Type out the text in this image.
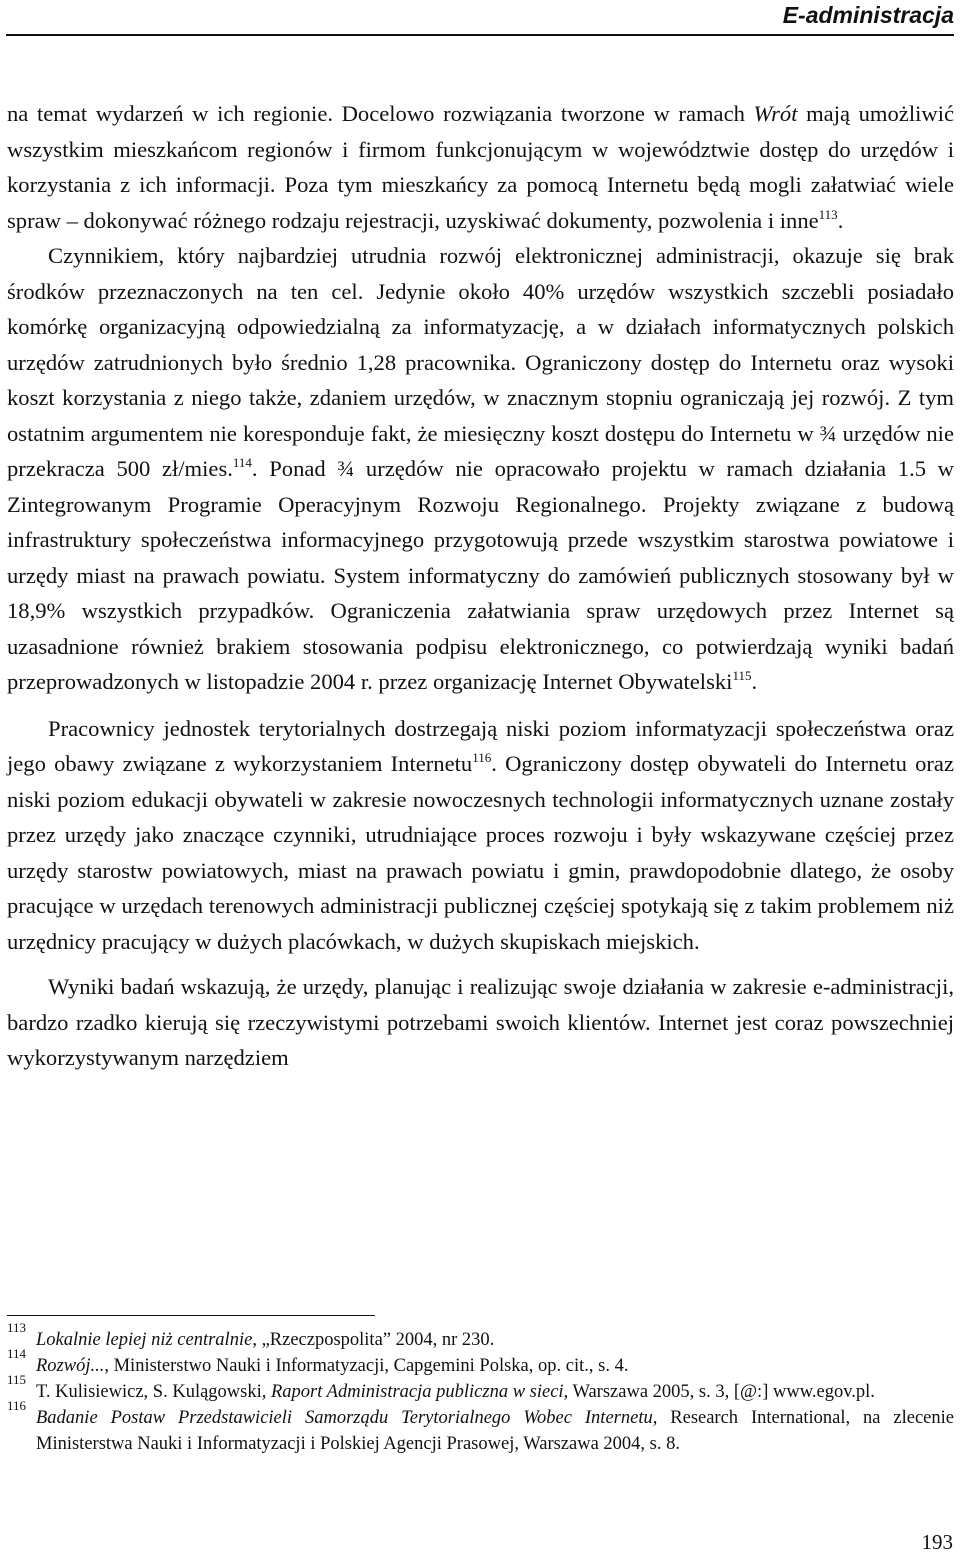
E-administracja

na temat wydarzeń w ich regionie. Docelowo rozwiązania tworzone w ramach Wrót mają umożliwić wszystkim mieszkańcom regionów i firmom funkcjonującym w województwie dostęp do urzędów i korzystania z ich informacji. Poza tym mieszkańcy za pomocą Internetu będą mogli załatwiać wiele spraw – dokonywać różnego rodzaju rejestracji, uzyskiwać dokumenty, pozwolenia i inne$^{113}$.

Czynnikiem, który najbardziej utrudnia rozwój elektronicznej administracji, okazuje się brak środków przeznaczonych na ten cel. Jedynie około 40% urzędów wszystkich szczebli posiadało komórkę organizacyjną odpowiedzialną za informatyzację, a w działach informatycznych polskich urzędów zatrudnionych było średnio 1,28 pracownika. Ograniczony dostęp do Internetu oraz wysoki koszt korzystania z niego także, zdaniem urzędów, w znacznym stopniu ograniczają jej rozwój. Z tym ostatnim argumentem nie koresponduje fakt, że miesięczny koszt dostępu do Internetu w ¾ urzędów nie przekracza 500 zł/mies.$^{114}$. Ponad ¾ urzędów nie opracowało projektu w ramach działania 1.5 w Zintegrowanym Programie Operacyjnym Rozwoju Regionalnego. Projekty związane z budową infrastruktury społeczeństwa informacyjnego przygotowują przede wszystkim starostwa powiatowe i urzędy miast na prawach powiatu. System informatyczny do zamówień publicznych stosowany był w 18,9% wszystkich przypadków. Ograniczenia załatwiania spraw urzędowych przez Internet są uzasadnione również brakiem stosowania podpisu elektronicznego, co potwierdzają wyniki badań przeprowadzonych w listopadzie 2004 r. przez organizację Internet Obywatelski$^{115}$.

Pracownicy jednostek terytorialnych dostrzegają niski poziom informatyzacji społeczeństwa oraz jego obawy związane z wykorzystaniem Internetu$^{116}$. Ograniczony dostęp obywateli do Internetu oraz niski poziom edukacji obywateli w zakresie nowoczesnych technologii informatycznych uznane zostały przez urzędy jako znaczące czynniki, utrudniające proces rozwoju i były wskazywane częściej przez urzędy starostw powiatowych, miast na prawach powiatu i gmin, prawdopodobnie dlatego, że osoby pracujące w urzędach terenowych administracji publicznej częściej spotykają się z takim problemem niż urzędnicy pracujący w dużych placówkach, w dużych skupiskach miejskich.

Wyniki badań wskazują, że urzędy, planując i realizując swoje działania w zakresie e-administracji, bardzo rzadko kierują się rzeczywistymi potrzebami swoich klientów. Internet jest coraz powszechniej wykorzystywanym narzędziem

113
Lokalnie lepiej niż centralnie, „Rzeczpospolita” 2004, nr 230.
114
Rozwój..., Ministerstwo Nauki i Informatyzacji, Capgemini Polska, op. cit., s. 4.
115
T. Kulisiewicz, S. Kulągowski, Raport Administracja publiczna w sieci, Warszawa 2005, s. 3, [@:] www.egov.pl.
116
Badanie Postaw Przedstawicieli Samorządu Terytorialnego Wobec Internetu, Research International, na zlecenie Ministerstwa Nauki i Informatyzacji i Polskiej Agencji Prasowej, Warszawa 2004, s. 8.
193
